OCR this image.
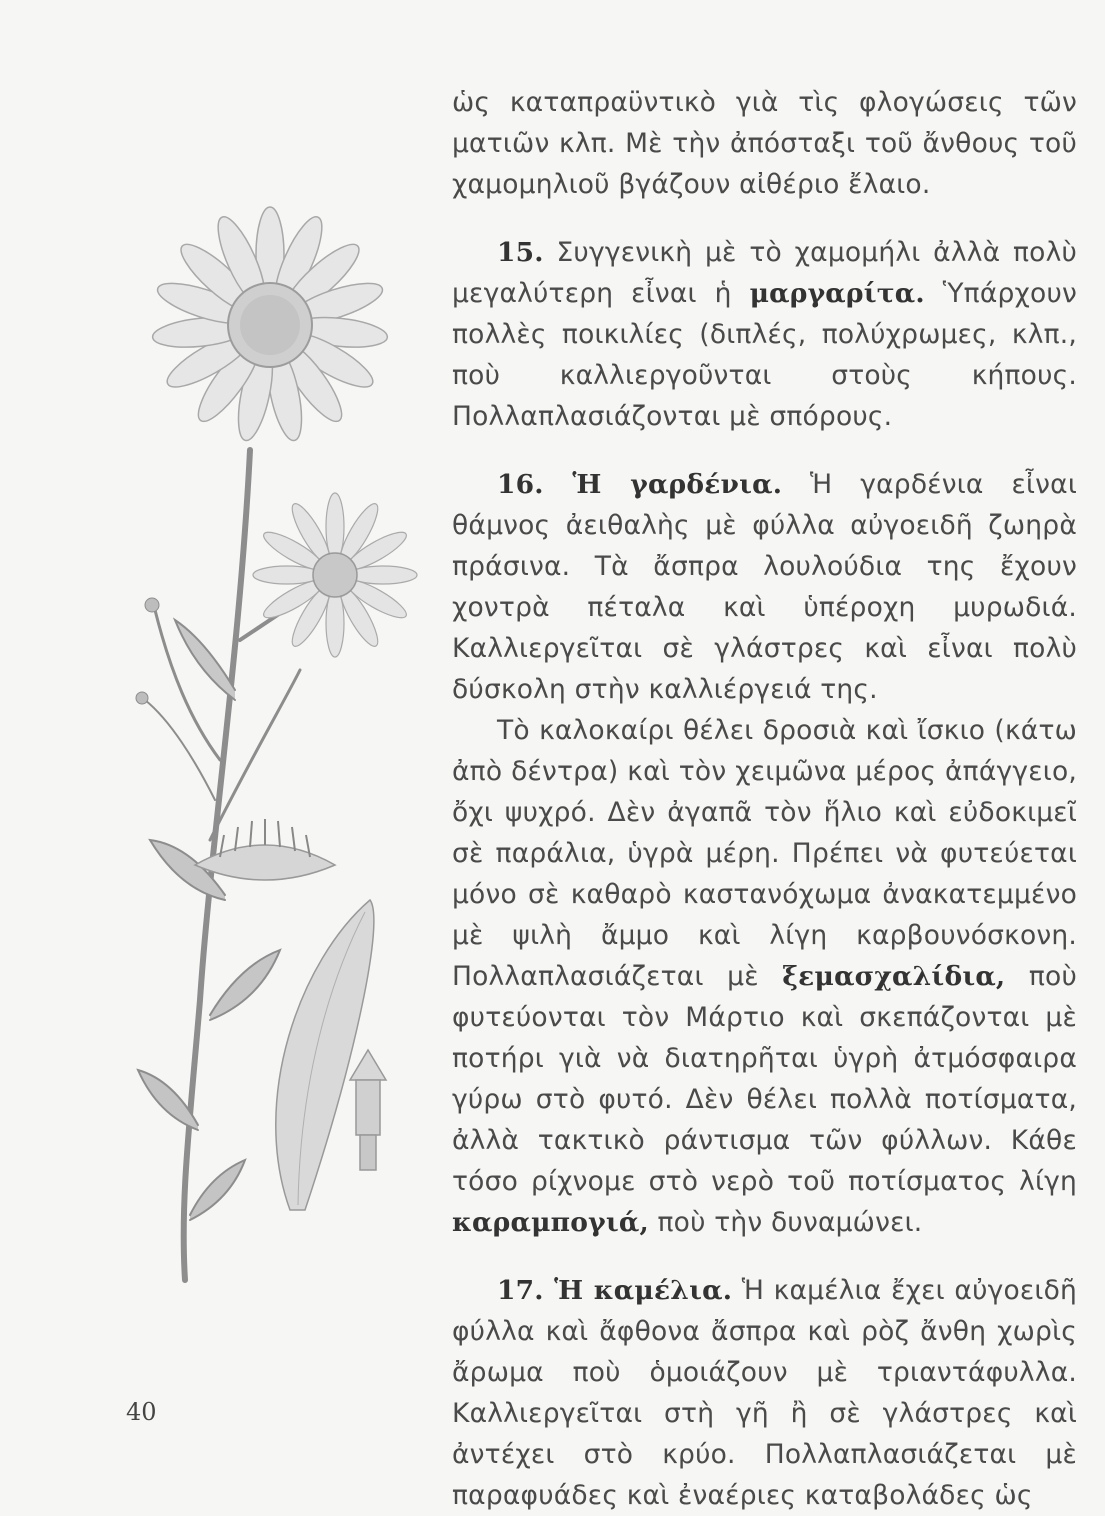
ὡς καταπραϋντικὸ γιὰ τὶς φλογώσεις τῶν ματιῶν κλπ. Μὲ τὴν ἀπόσταξι τοῦ ἄνθους τοῦ χαμομηλιοῦ βγάζουν αἰθέριο ἔλαιο.

15. Συγγενικὴ μὲ τὸ χαμομήλι ἀλλὰ πολὺ μεγαλύτερη εἶναι ἡ μαργαρίτα. Ὑπάρχουν πολλὲς ποικιλίες (διπλές, πολύχρωμες, κλπ., ποὺ καλλιεργοῦνται στοὺς κήπους. Πολλαπλασιάζονται μὲ σπόρους.

16. Ἡ γαρδένια. Ἡ γαρδένια εἶναι θάμνος ἀειθαλὴς μὲ φύλλα αὐγοειδῆ ζωηρὰ πράσινα. Τὰ ἄσπρα λουλούδια της ἔχουν χοντρὰ πέταλα καὶ ὑπέροχη μυρωδιά. Καλλιεργεῖται σὲ γλάστρες καὶ εἶναι πολὺ δύσκολη στὴν καλλιέργειά της.

Τὸ καλοκαίρι θέλει δροσιὰ καὶ ἴσκιο (κάτω ἀπὸ δέντρα) καὶ τὸν χειμῶνα μέρος ἀπάγγειο, ὄχι ψυχρό. Δὲν ἀγαπᾶ τὸν ἥλιο καὶ εὐδοκιμεῖ σὲ παράλια, ὑγρὰ μέρη. Πρέπει νὰ φυτεύεται μόνο σὲ καθαρὸ καστανόχωμα ἀνακατεμμένο μὲ ψιλὴ ἄμμο καὶ λίγη καρβουνόσκονη. Πολλαπλασιάζεται μὲ ξεμασχαλίδια, ποὺ φυτεύονται τὸν Μάρτιο καὶ σκεπάζονται μὲ ποτήρι γιὰ νὰ διατηρῆται ὑγρὴ ἀτμόσφαιρα γύρω στὸ φυτό. Δὲν θέλει πολλὰ ποτίσματα, ἀλλὰ τακτικὸ ράντισμα τῶν φύλλων. Κάθε τόσο ρίχνομε στὸ νερὸ τοῦ ποτίσματος λίγη καραμπογιά, ποὺ τὴν δυναμώνει.

17. Ἡ καμέλια. Ἡ καμέλια ἔχει αὐγοειδῆ φύλλα καὶ ἄφθονα ἄσπρα καὶ ρὸζ ἄνθη χωρὶς ἄρωμα ποὺ ὁμοιάζουν μὲ τριαντάφυλλα. Καλλιεργεῖται στὴ γῆ ἢ σὲ γλάστρες καὶ ἀντέχει στὸ κρύο. Πολλαπλασιάζεται μὲ παραφυάδες καὶ ἐναέριες καταβολάδες ὡς

40
